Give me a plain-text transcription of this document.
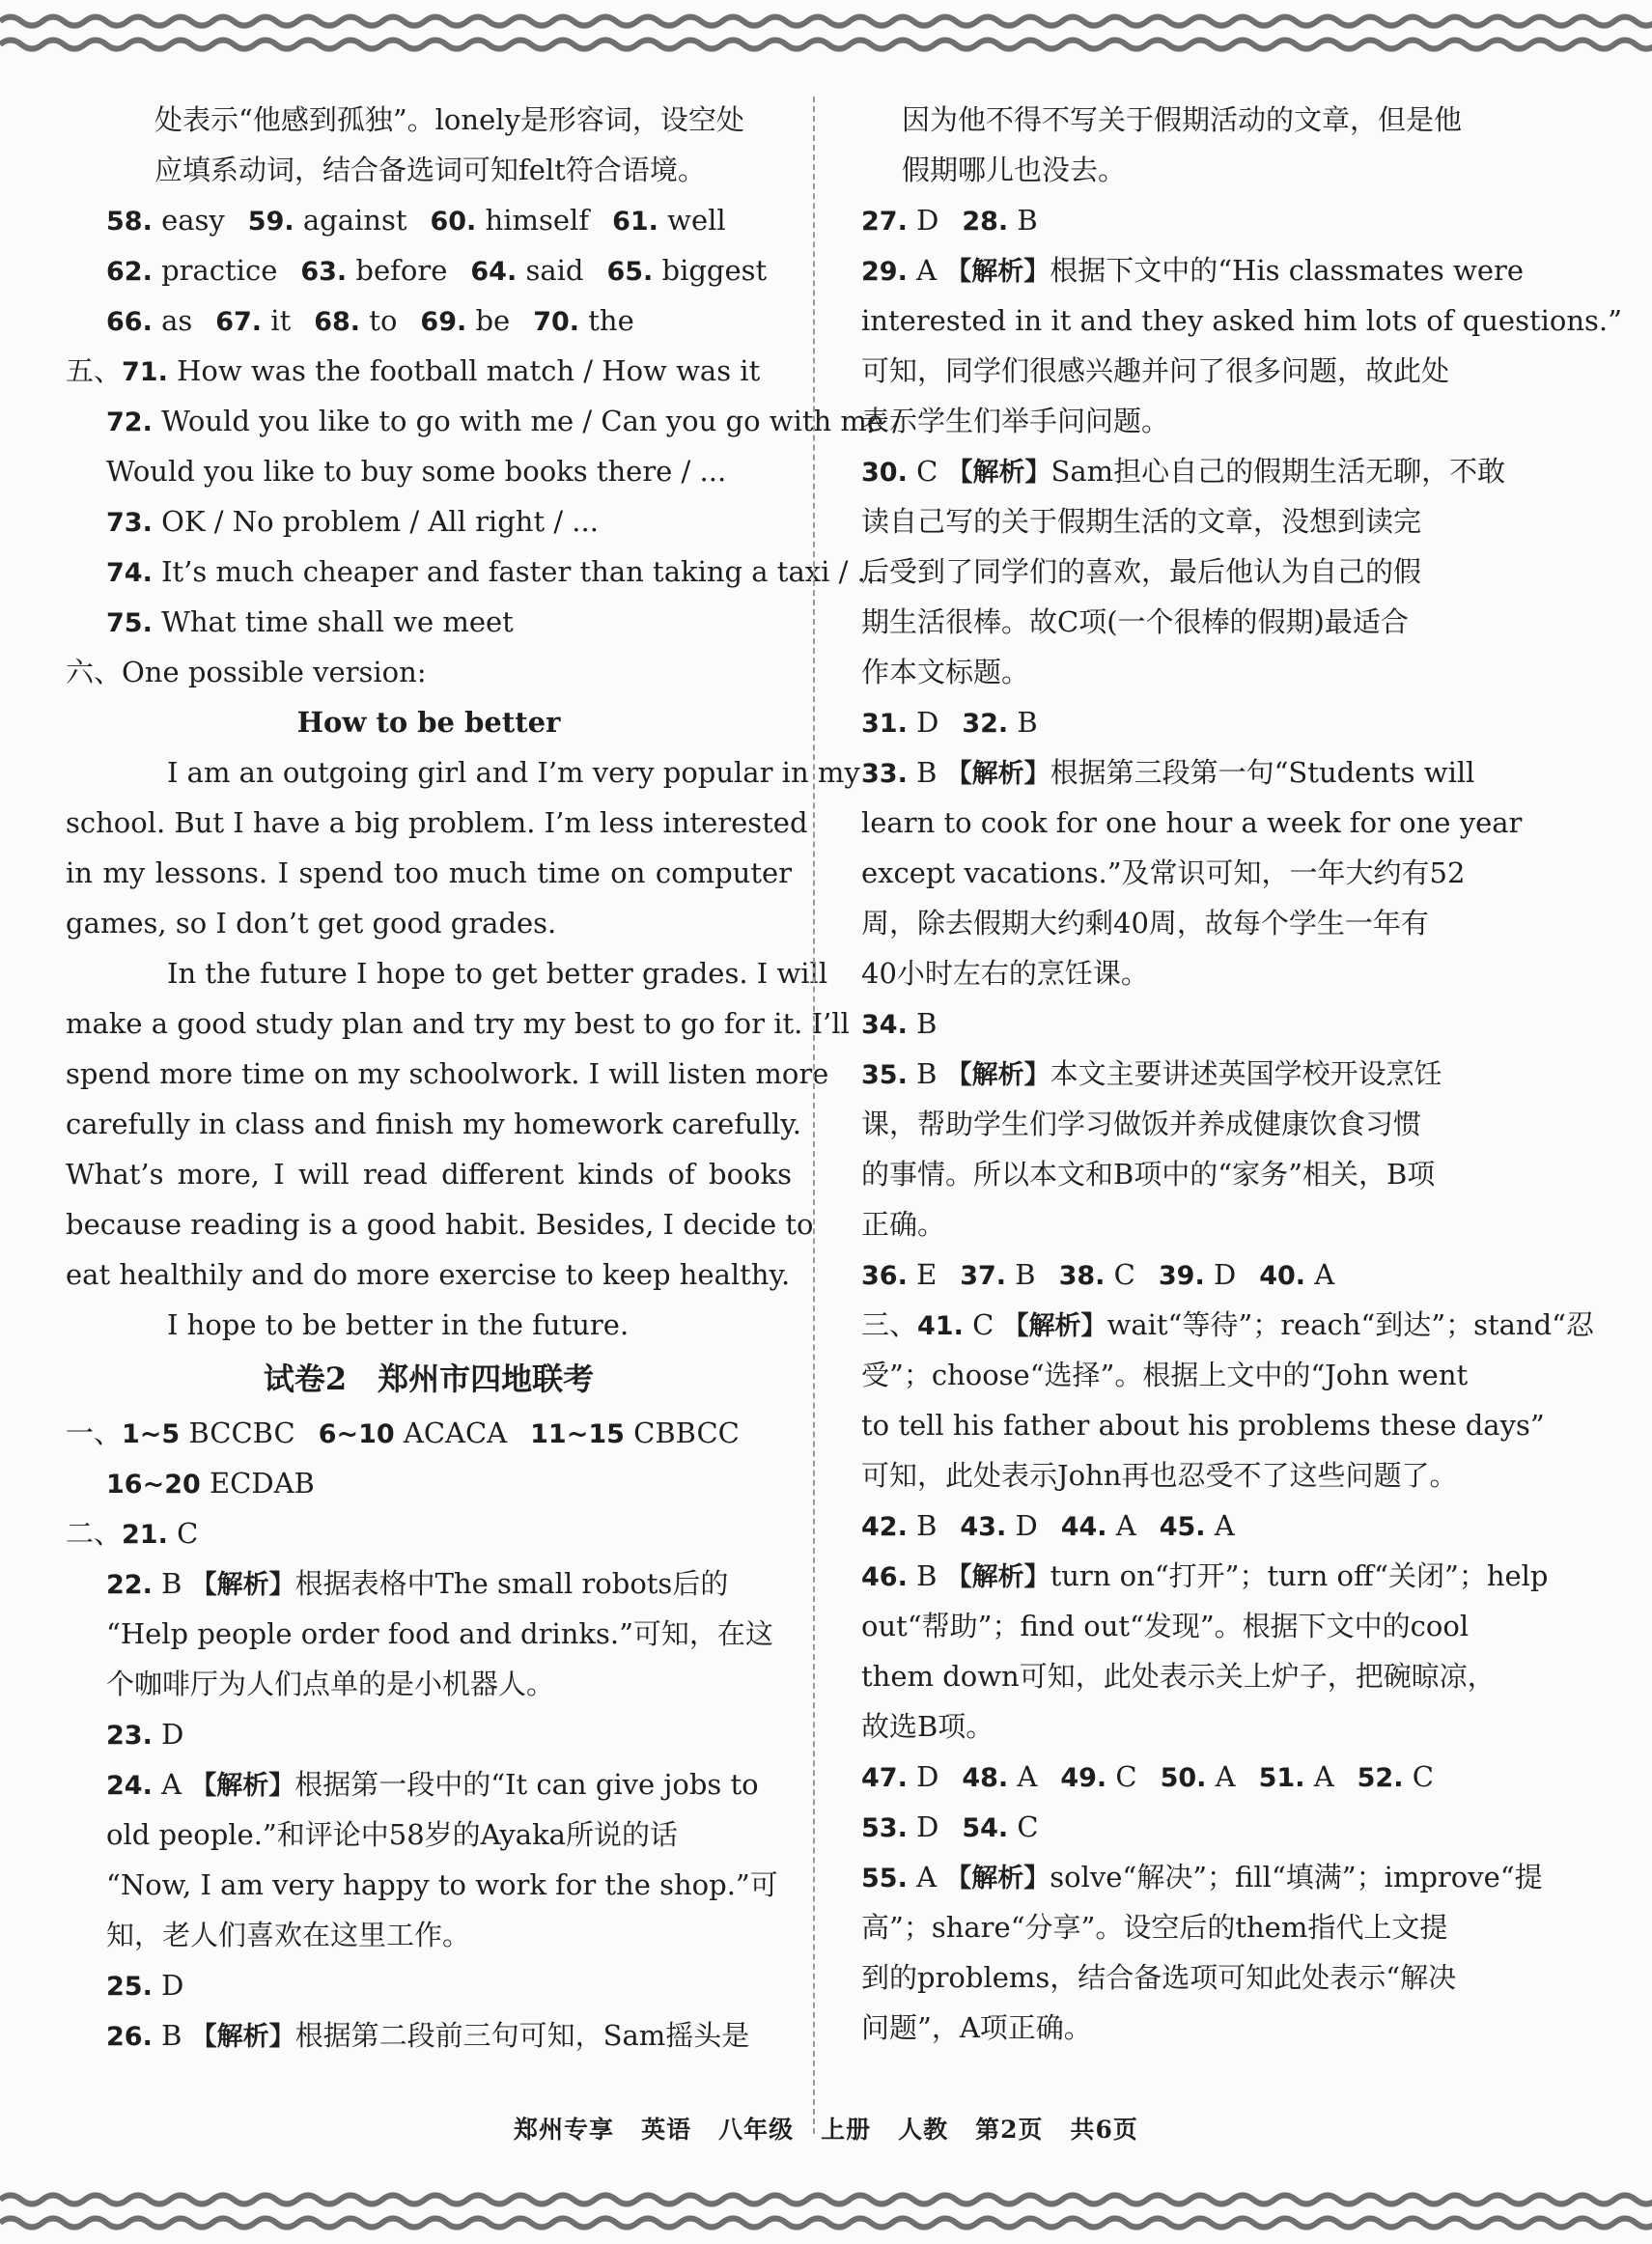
处表示“他感到孤独”。lonely是形容词，设空处
应填系动词，结合备选词可知felt符合语境。
58. easy 59. against 60. himself 61. well
62. practice 63. before 64. said 65. biggest
66. as 67. it 68. to 69. be 70. the
五、71. How was the football match / How was it
72. Would you like to go with me / Can you go with me /
Would you like to buy some books there / ...
73. OK / No problem / All right / ...
74. It’s much cheaper and faster than taking a taxi / ...
75. What time shall we meet
六、One possible version:
How to be better
I am an outgoing girl and I’m very popular in my
school. But I have a big problem. I’m less interested
in my lessons. I spend too much time on computer
games, so I don’t get good grades.
In the future I hope to get better grades. I will
make a good study plan and try my best to go for it. I’ll
spend more time on my schoolwork. I will listen more
carefully in class and finish my homework carefully.
What’s more, I will read different kinds of books
because reading is a good habit. Besides, I decide to
eat healthily and do more exercise to keep healthy.
I hope to be better in the future.
试卷2　郑州市四地联考
一、1~5 BCCBC 6~10 ACACA 11~15 CBBCC
16~20 ECDAB
二、21. C
22. B 【解析】根据表格中The small robots后的
“Help people order food and drinks.”可知，在这
个咖啡厅为人们点单的是小机器人。
23. D
24. A 【解析】根据第一段中的“It can give jobs to
old people.”和评论中58岁的Ayaka所说的话
“Now, I am very happy to work for the shop.”可
知，老人们喜欢在这里工作。
25. D
26. B 【解析】根据第二段前三句可知，Sam摇头是
因为他不得不写关于假期活动的文章，但是他
假期哪儿也没去。
27. D 28. B
29. A 【解析】根据下文中的“His classmates were
interested in it and they asked him lots of questions.”
可知，同学们很感兴趣并问了很多问题，故此处
表示学生们举手问问题。
30. C 【解析】Sam担心自己的假期生活无聊，不敢
读自己写的关于假期生活的文章，没想到读完
后受到了同学们的喜欢，最后他认为自己的假
期生活很棒。故C项(一个很棒的假期)最适合
作本文标题。
31. D 32. B
33. B 【解析】根据第三段第一句“Students will
learn to cook for one hour a week for one year
except vacations.”及常识可知，一年大约有52
周，除去假期大约剩40周，故每个学生一年有
40小时左右的烹饪课。
34. B
35. B 【解析】本文主要讲述英国学校开设烹饪
课，帮助学生们学习做饭并养成健康饮食习惯
的事情。所以本文和B项中的“家务”相关，B项
正确。
36. E 37. B 38. C 39. D 40. A
三、41. C 【解析】wait“等待”；reach“到达”；stand“忍
受”；choose“选择”。根据上文中的“John went
to tell his father about his problems these days”
可知，此处表示John再也忍受不了这些问题了。
42. B 43. D 44. A 45. A
46. B 【解析】turn on“打开”；turn off“关闭”；help
out“帮助”；find out“发现”。根据下文中的cool
them down可知，此处表示关上炉子，把碗晾凉，
故选B项。
47. D 48. A 49. C 50. A 51. A 52. C
53. D 54. C
55. A 【解析】solve“解决”；fill“填满”；improve“提
高”；share“分享”。设空后的them指代上文提
到的problems，结合备选项可知此处表示“解决
问题”，A项正确。
郑州专享 英语 八年级 上册 人教 第2页 共6页
